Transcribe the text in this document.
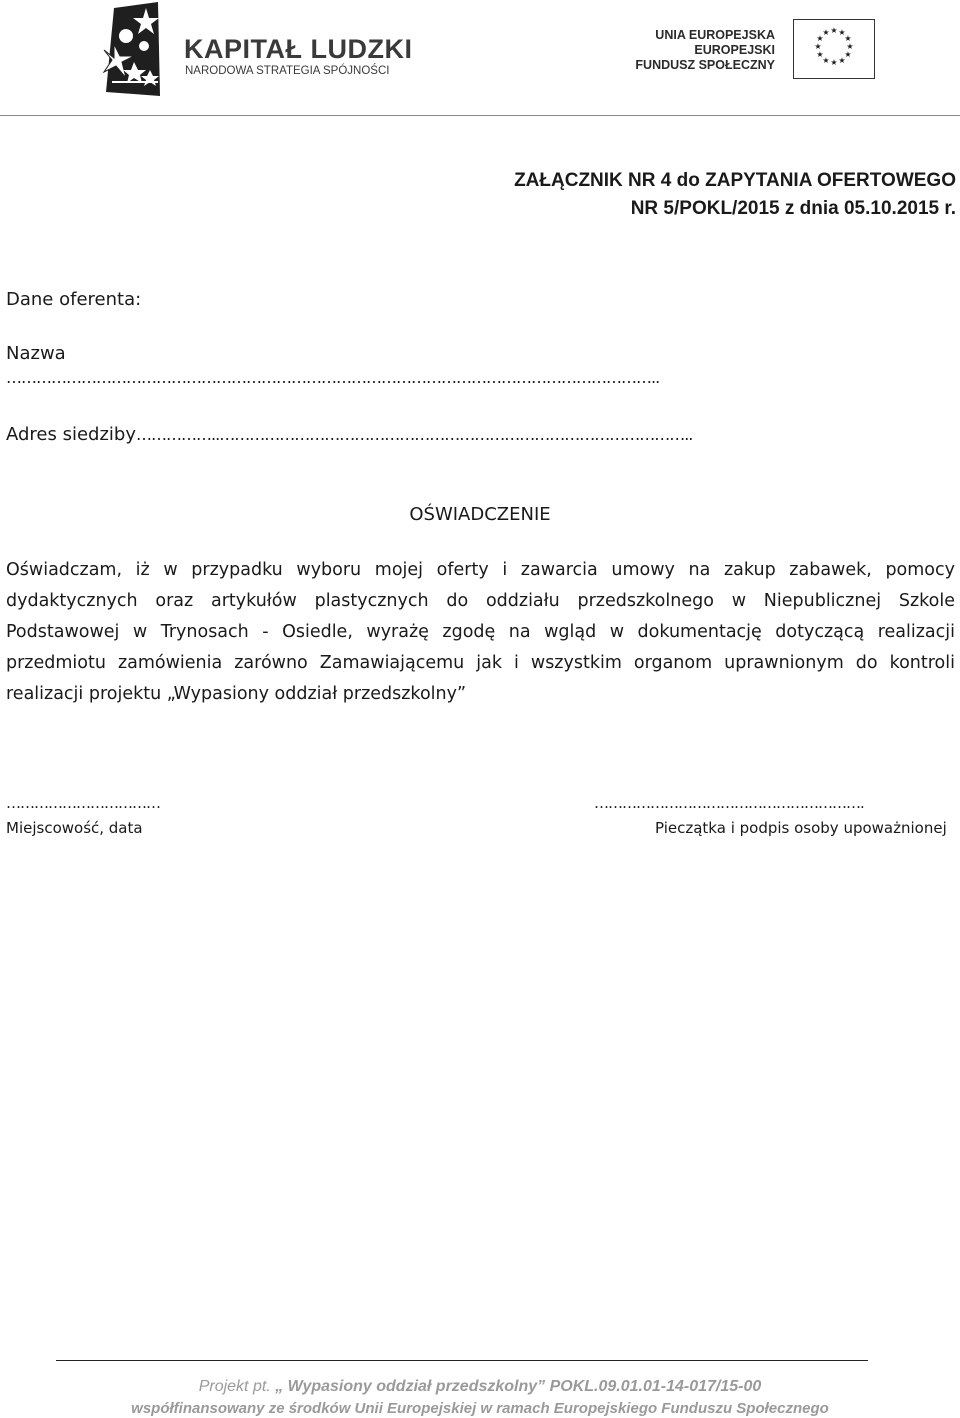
KAPITAŁ LUDZKI
NARODOWA STRATEGIA SPÓJNOŚCI
UNIA EUROPEJSKA
EUROPEJSKI
FUNDUSZ SPOŁECZNY
★ ★
★
★
★
★
★
★
★
★
★
★
ZAŁĄCZNIK NR 4 do ZAPYTANIA OFERTOWEGO
NR 5/POKL/2015 z dnia 05.10.2015 r.
Dane oferenta:
Nazwa
…………………………………………………………………………………………………………………..
Adres siedziby……………..…………………………………………………………………………………..
OŚWIADCZENIE
Oświadczam, iż w przypadku wyboru mojej oferty i zawarcia umowy na zakup zabawek, pomocy dydaktycznych oraz artykułów plastycznych do oddziału przedszkolnego w Niepublicznej Szkole Podstawowej w Trynosach - Osiedle, wyrażę zgodę na wgląd w dokumentację dotyczącą realizacji przedmiotu zamówienia zarówno Zamawiającemu jak i wszystkim organom uprawnionym do kontroli realizacji projektu „Wypasiony oddział przedszkolny”
……………………………	………………………………………………….
Miejscowość, data	Pieczątka i podpis osoby upoważnionej
Projekt pt. „ Wypasiony oddział przedszkolny” POKL.09.01.01-14-017/15-00
współfinansowany ze środków Unii Europejskiej w ramach Europejskiego Funduszu Społecznego
